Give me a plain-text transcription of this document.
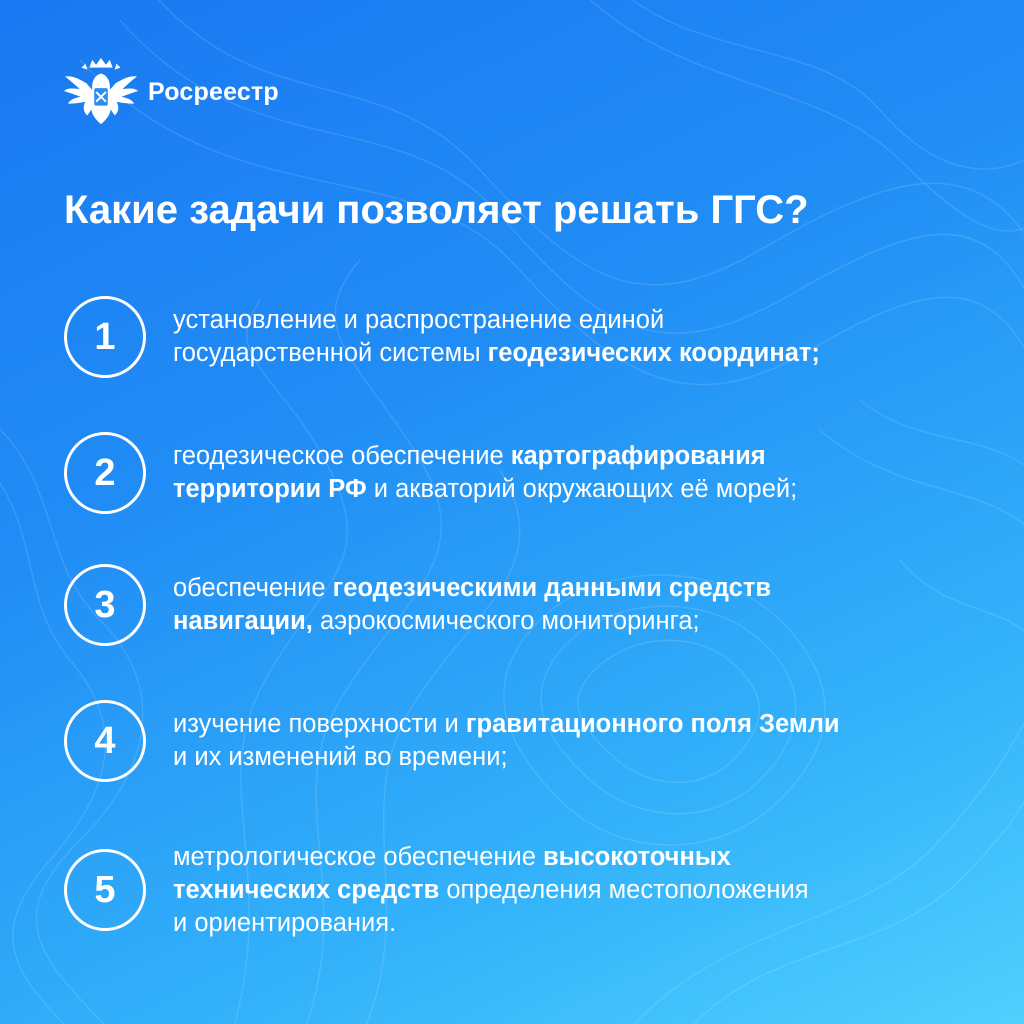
Росреестр
Какие задачи позволяет решать ГГС?
1	установление и распространение единой
государственной системы геодезических координат;
2	геодезическое обеспечение картографирования
территории РФ и акваторий окружающих её морей;
3	обеспечение геодезическими данными средств
навигации, аэрокосмического мониторинга;
4	изучение поверхности и гравитационного поля Земли
и их изменений во времени;
5
метрологическое обеспечение высокоточных
технических средств определения местоположения
и ориентирования.
